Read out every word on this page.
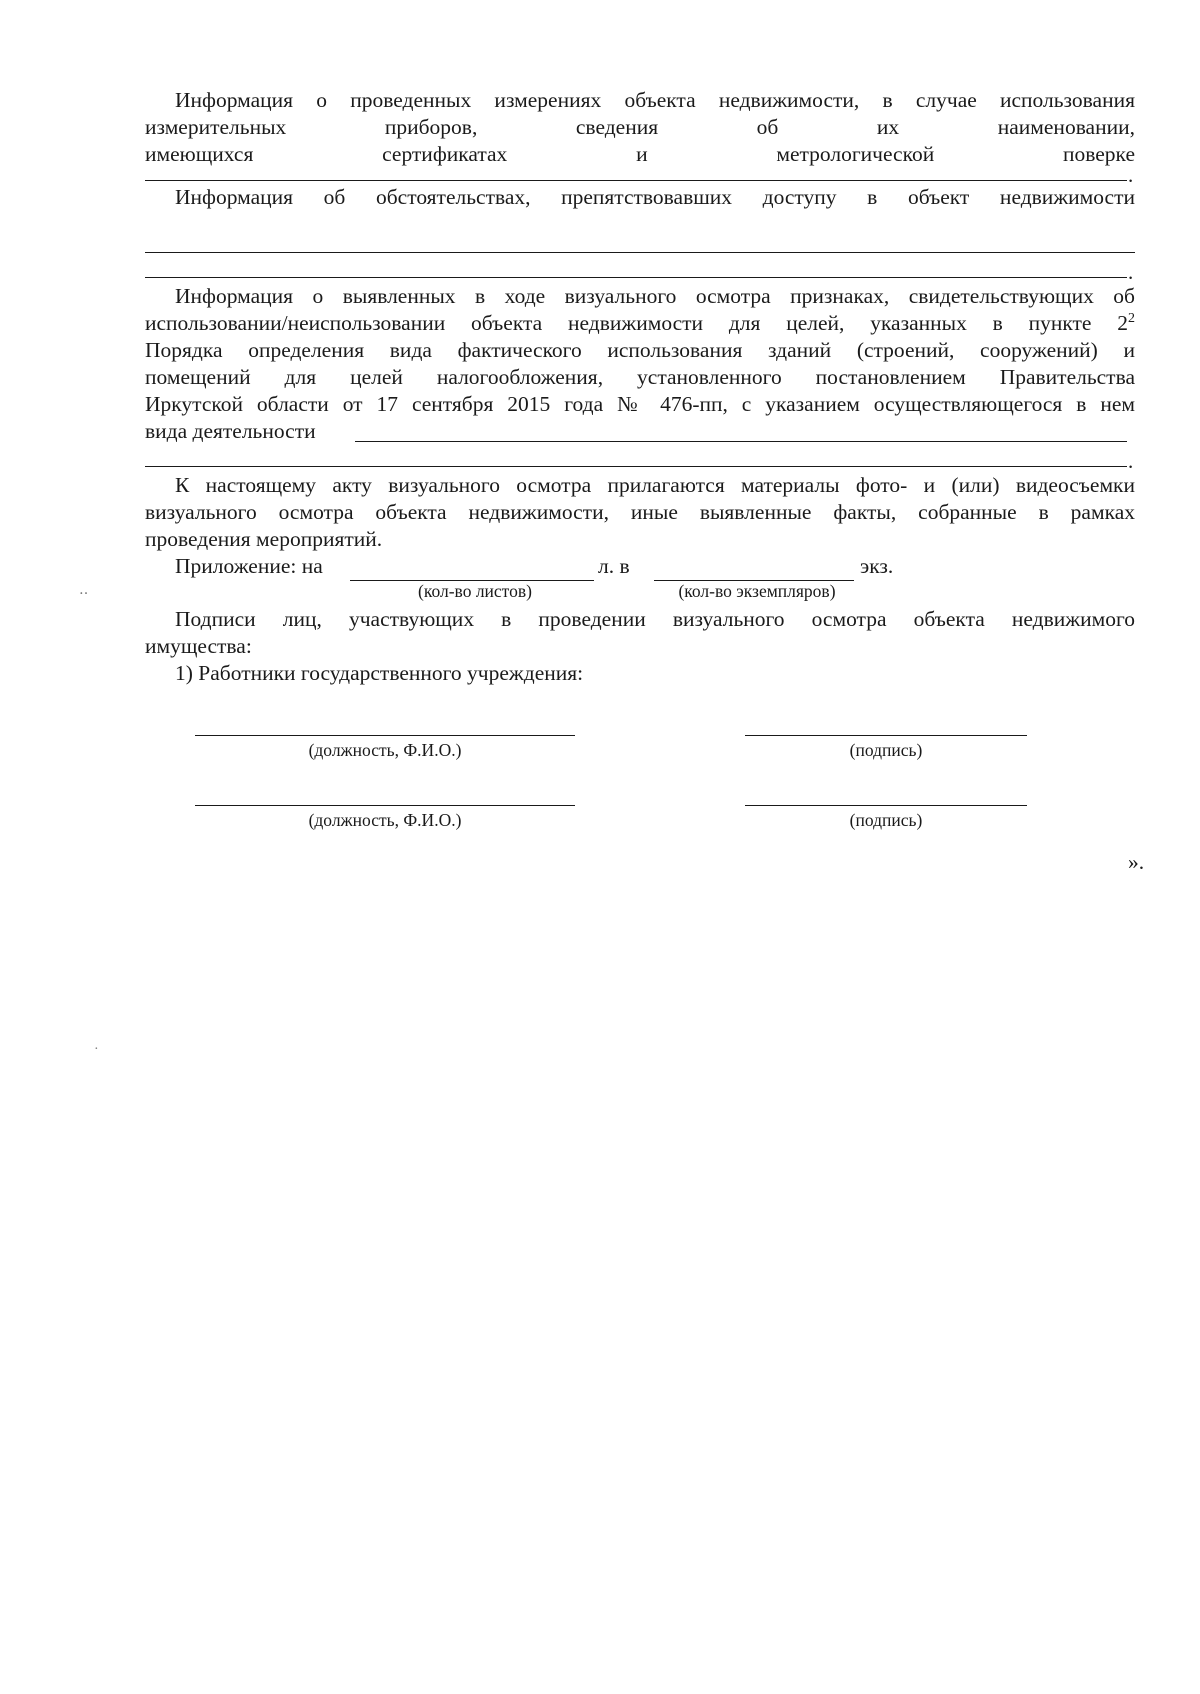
Информация о проведенных измерениях объекта недвижимости, в случае использования
измерительных приборов, сведения об их наименовании,
имеющихся сертификатах и метрологической поверке
.
Информация об обстоятельствах, препятствовавших доступу в объект недвижимости
.
Информация о выявленных в ходе визуального осмотра признаках, свидетельствующих об
использовании/неиспользовании объекта недвижимости для целей, указанных в пункте $2^2$
Порядка определения вида фактического использования зданий (строений, сооружений) и
помещений для целей налогообложения, установленного постановлением Правительства
Иркутской области от 17 сентября 2015 года № 476-пп, с указанием осуществляющегося в нем
вида деятельности
.
К настоящему акту визуального осмотра прилагаются материалы фото- и (или) видеосъемки
визуального осмотра объекта недвижимости, иные выявленные факты, собранные в рамках
проведения мероприятий.
Приложение: на	л. в	экз.
(кол-во листов)	(кол-во экземпляров)
‥
Подписи лиц, участвующих в проведении визуального осмотра объекта недвижимого
имущества:
1) Работники государственного учреждения:
(должность, Ф.И.О.)	(подпись)
(должность, Ф.И.О.)	(подпись)
».
·
